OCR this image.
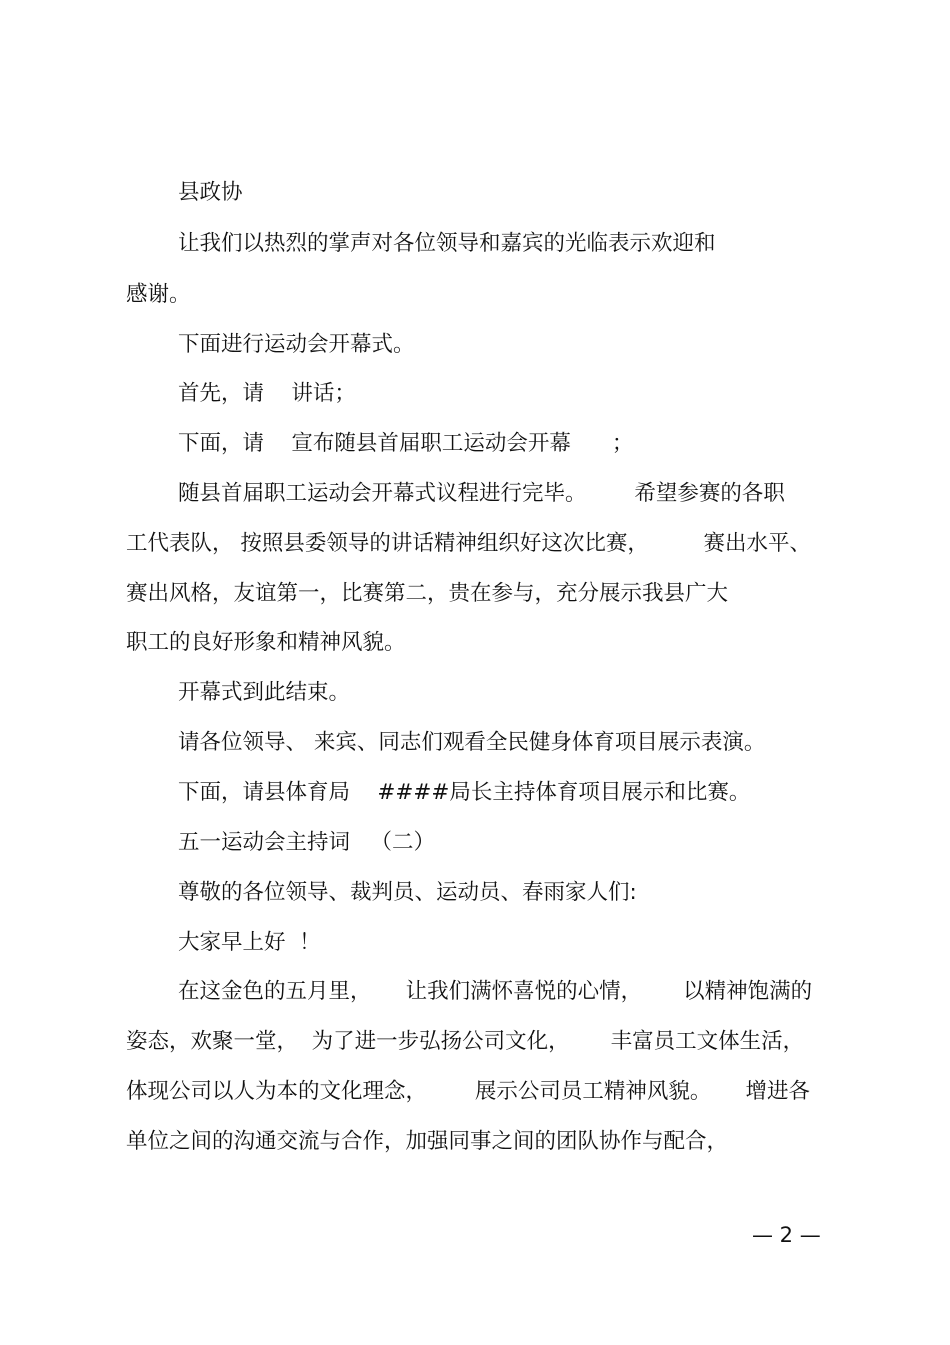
县政协

让我们以热烈的掌声对各位领导和嘉宾的光临表示欢迎和

感谢。

下面进行运动会开幕式。

首先，请    讲话；

下面，请    宣布随县首届职工运动会开幕      ；

随县首届职工运动会开幕式议程进行完毕。       希望参赛的各职

工代表队， 按照县委领导的讲话精神组织好这次比赛，        赛出水平、

赛出风格，友谊第一，比赛第二，贵在参与，充分展示我县广大

职工的良好形象和精神风貌。

开幕式到此结束。

请各位领导、 来宾、同志们观看全民健身体育项目展示表演。

下面，请县体育局    ####局长主持体育项目展示和比赛。

五一运动会主持词   （二）

尊敬的各位领导、裁判员、运动员、春雨家人们:

大家早上好  ！

在这金色的五月里，     让我们满怀喜悦的心情，      以精神饱满的

姿态，欢聚一堂，  为了进一步弘扬公司文化，      丰富员工文体生活，

体现公司以人为本的文化理念，       展示公司员工精神风貌。     增进各

单位之间的沟通交流与合作，加强同事之间的团队协作与配合，

— 2 —
